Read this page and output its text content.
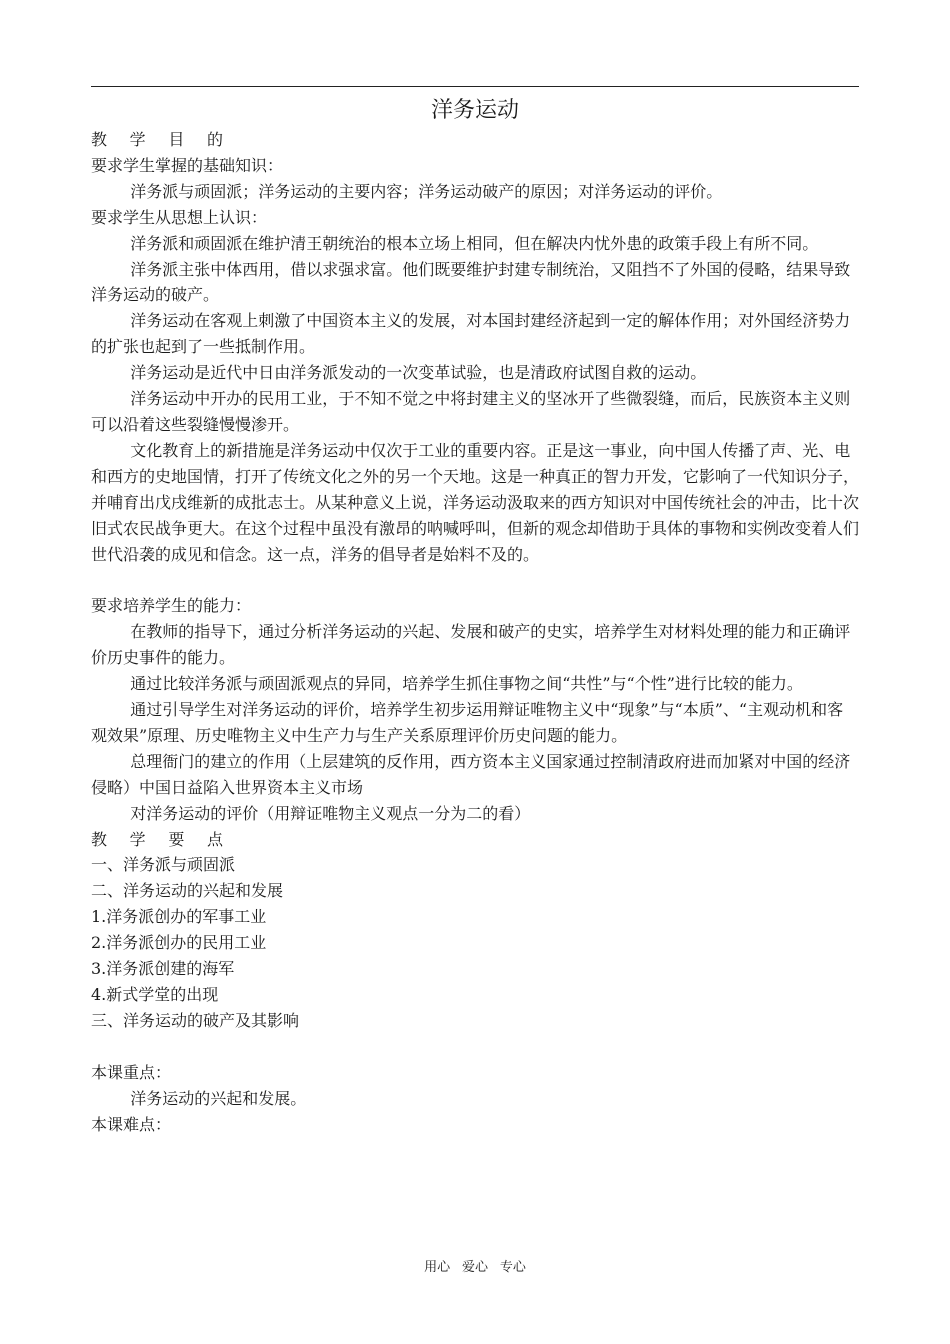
洋务运动

教 学 目 的

要求学生掌握的基础知识：

洋务派与顽固派；洋务运动的主要内容；洋务运动破产的原因；对洋务运动的评价。

要求学生从思想上认识：

洋务派和顽固派在维护清王朝统治的根本立场上相同，但在解决内忧外患的政策手段上有所不同。

洋务派主张中体西用，借以求强求富。他们既要维护封建专制统治，又阻挡不了外国的侵略，结果导致洋务运动的破产。

洋务运动在客观上刺激了中国资本主义的发展，对本国封建经济起到一定的解体作用；对外国经济势力的扩张也起到了一些抵制作用。

洋务运动是近代中日由洋务派发动的一次变革试验，也是清政府试图自救的运动。

洋务运动中开办的民用工业，于不知不觉之中将封建主义的坚冰开了些微裂缝，而后，民族资本主义则可以沿着这些裂缝慢慢渗开。

文化教育上的新措施是洋务运动中仅次于工业的重要内容。正是这一事业，向中国人传播了声、光、电和西方的史地国情，打开了传统文化之外的另一个天地。这是一种真正的智力开发，它影响了一代知识分子，并哺育出戊戌维新的成批志士。从某种意义上说，洋务运动汲取来的西方知识对中国传统社会的冲击，比十次旧式农民战争更大。在这个过程中虽没有激昂的呐喊呼叫，但新的观念却借助于具体的事物和实例改变着人们世代沿袭的成见和信念。这一点，洋务的倡导者是始料不及的。

要求培养学生的能力：

在教师的指导下，通过分析洋务运动的兴起、发展和破产的史实，培养学生对材料处理的能力和正确评价历史事件的能力。

通过比较洋务派与顽固派观点的异同，培养学生抓住事物之间“共性”与“个性”进行比较的能力。

通过引导学生对洋务运动的评价，培养学生初步运用辩证唯物主义中“现象”与“本质”、“主观动机和客观效果”原理、历史唯物主义中生产力与生产关系原理评价历史问题的能力。

总理衙门的建立的作用（上层建筑的反作用，西方资本主义国家通过控制清政府进而加紧对中国的经济侵略）中国日益陷入世界资本主义市场

对洋务运动的评价（用辩证唯物主义观点一分为二的看）

教 学 要 点

一、洋务派与顽固派

二、洋务运动的兴起和发展

1.洋务派创办的军事工业

2.洋务派创办的民用工业

3.洋务派创建的海军

4.新式学堂的出现

三、洋务运动的破产及其影响

本课重点：

洋务运动的兴起和发展。

本课难点：

用心 爱心 专心
